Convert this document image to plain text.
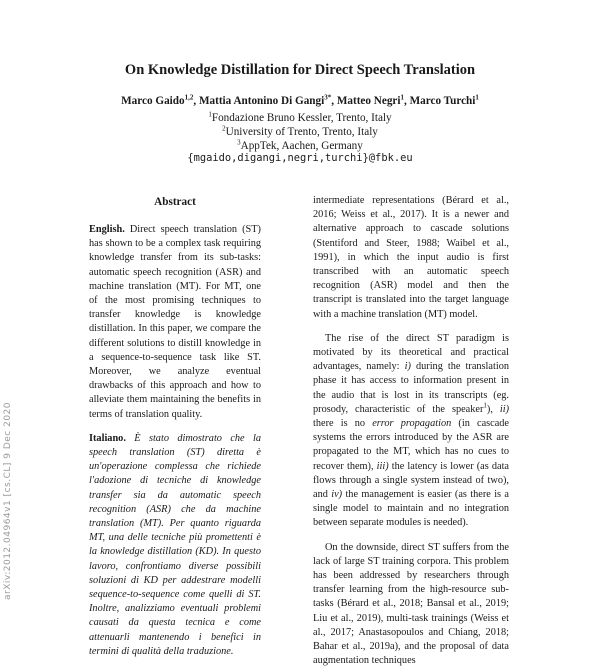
On Knowledge Distillation for Direct Speech Translation
Marco Gaido$^{1,2}$, Mattia Antonino Di Gangi$^{3*}$, Matteo Negri$^1$, Marco Turchi$^1$
$^1$Fondazione Bruno Kessler, Trento, Italy
$^2$University of Trento, Trento, Italy
$^3$AppTek, Aachen, Germany
{mgaido,digangi,negri,turchi}@fbk.eu
Abstract

English. Direct speech translation (ST) has shown to be a complex task requiring knowledge transfer from its sub-tasks: automatic speech recognition (ASR) and machine translation (MT). For MT, one of the most promising techniques to transfer knowledge is knowledge distillation. In this paper, we compare the different solutions to distill knowledge in a sequence-to-sequence task like ST. Moreover, we analyze eventual drawbacks of this approach and how to alleviate them maintaining the benefits in terms of translation quality.

Italiano. È stato dimostrato che la speech translation (ST) diretta è un'operazione complessa che richiede l'adozione di tecniche di knowledge transfer sia da automatic speech recognition (ASR) che da machine translation (MT). Per quanto riguarda MT, una delle tecniche più promettenti è la knowledge distillation (KD). In questo lavoro, confrontiamo diverse possibili soluzioni di KD per addestrare modelli sequence-to-sequence come quelli di ST. Inoltre, analizziamo eventuali problemi causati da questa tecnica e come attenuarli mantenendo i benefici in termini di qualità della traduzione.

intermediate representations (Bérard et al., 2016; Weiss et al., 2017). It is a newer and alternative approach to cascade solutions (Stentiford and Steer, 1988; Waibel et al., 1991), in which the input audio is first transcribed with an automatic speech recognition (ASR) model and then the transcript is translated into the target language with a machine translation (MT) model.

The rise of the direct ST paradigm is motivated by its theoretical and practical advantages, namely: i) during the translation phase it has access to information present in the audio that is lost in its transcripts (eg. prosody, characteristic of the speaker$^1$), ii) there is no error propagation (in cascade systems the errors introduced by the ASR are propagated to the MT, which has no cues to recover them), iii) the latency is lower (as data flows through a single system instead of two), and iv) the management is easier (as there is a single model to maintain and no integration between separate modules is needed).

On the downside, direct ST suffers from the lack of large ST training corpora. This problem has been addressed by researchers through transfer learning from the high-resource sub-tasks (Bérard et al., 2018; Bansal et al., 2019; Liu et al., 2019), multi-task trainings (Weiss et al., 2017; Anastasopoulos and Chiang, 2018; Bahar et al., 2019a), and the proposal of data augmentation techniques

arXiv:2012.04964v1 [cs.CL] 9 Dec 2020
